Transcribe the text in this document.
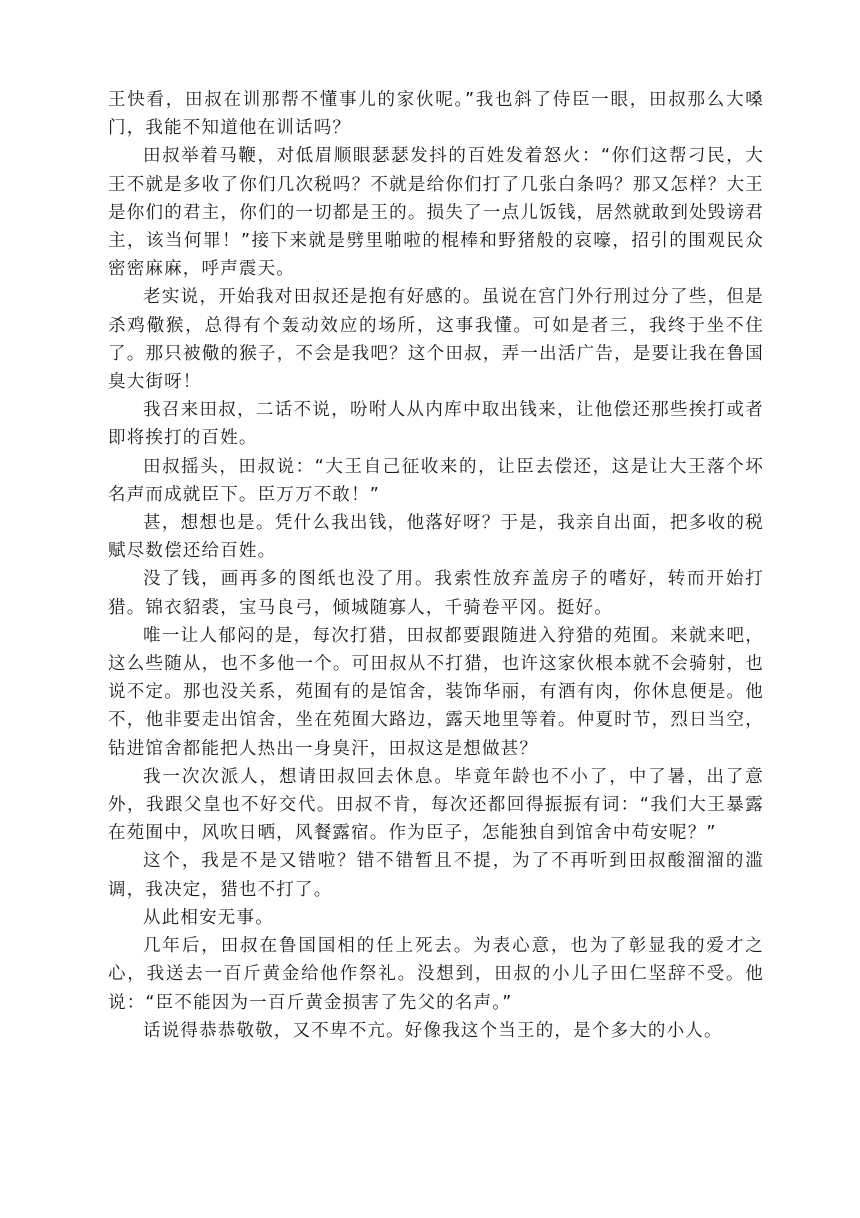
王快看，田叔在训那帮不懂事儿的家伙呢。”我也斜了侍臣一眼，田叔那么大嗓门，我能不知道他在训话吗？

田叔举着马鞭，对低眉顺眼瑟瑟发抖的百姓发着怒火：“你们这帮刁民，大王不就是多收了你们几次税吗？不就是给你们打了几张白条吗？那又怎样？大王是你们的君主，你们的一切都是王的。损失了一点儿饭钱，居然就敢到处毁谤君主，该当何罪！”接下来就是劈里啪啦的棍棒和野猪般的哀嚎，招引的围观民众密密麻麻，呼声震天。

老实说，开始我对田叔还是抱有好感的。虽说在宫门外行刑过分了些，但是杀鸡儆猴，总得有个轰动效应的场所，这事我懂。可如是者三，我终于坐不住了。那只被儆的猴子，不会是我吧？这个田叔，弄一出活广告，是要让我在鲁国臭大街呀！

我召来田叔，二话不说，吩咐人从内库中取出钱来，让他偿还那些挨打或者即将挨打的百姓。

田叔摇头，田叔说：“大王自己征收来的，让臣去偿还，这是让大王落个坏名声而成就臣下。臣万万不敢！”

甚，想想也是。凭什么我出钱，他落好呀？于是，我亲自出面，把多收的税赋尽数偿还给百姓。

没了钱，画再多的图纸也没了用。我索性放弃盖房子的嗜好，转而开始打猎。锦衣貂裘，宝马良弓，倾城随寡人，千骑卷平冈。挺好。

唯一让人郁闷的是，每次打猎，田叔都要跟随进入狩猎的苑囿。来就来吧，这么些随从，也不多他一个。可田叔从不打猎，也许这家伙根本就不会骑射，也说不定。那也没关系，苑囿有的是馆舍，装饰华丽，有酒有肉，你休息便是。他不，他非要走出馆舍，坐在苑囿大路边，露天地里等着。仲夏时节，烈日当空，钻进馆舍都能把人热出一身臭汗，田叔这是想做甚？

我一次次派人，想请田叔回去休息。毕竟年龄也不小了，中了暑，出了意外，我跟父皇也不好交代。田叔不肯，每次还都回得振振有词：“我们大王暴露在苑囿中，风吹日晒，风餐露宿。作为臣子，怎能独自到馆舍中苟安呢？”

这个，我是不是又错啦？错不错暂且不提，为了不再听到田叔酸溜溜的滥调，我决定，猎也不打了。

从此相安无事。

几年后，田叔在鲁国国相的任上死去。为表心意，也为了彰显我的爱才之心，我送去一百斤黄金给他作祭礼。没想到，田叔的小儿子田仁坚辞不受。他说：“臣不能因为一百斤黄金损害了先父的名声。”

话说得恭恭敬敬，又不卑不亢。好像我这个当王的，是个多大的小人。
